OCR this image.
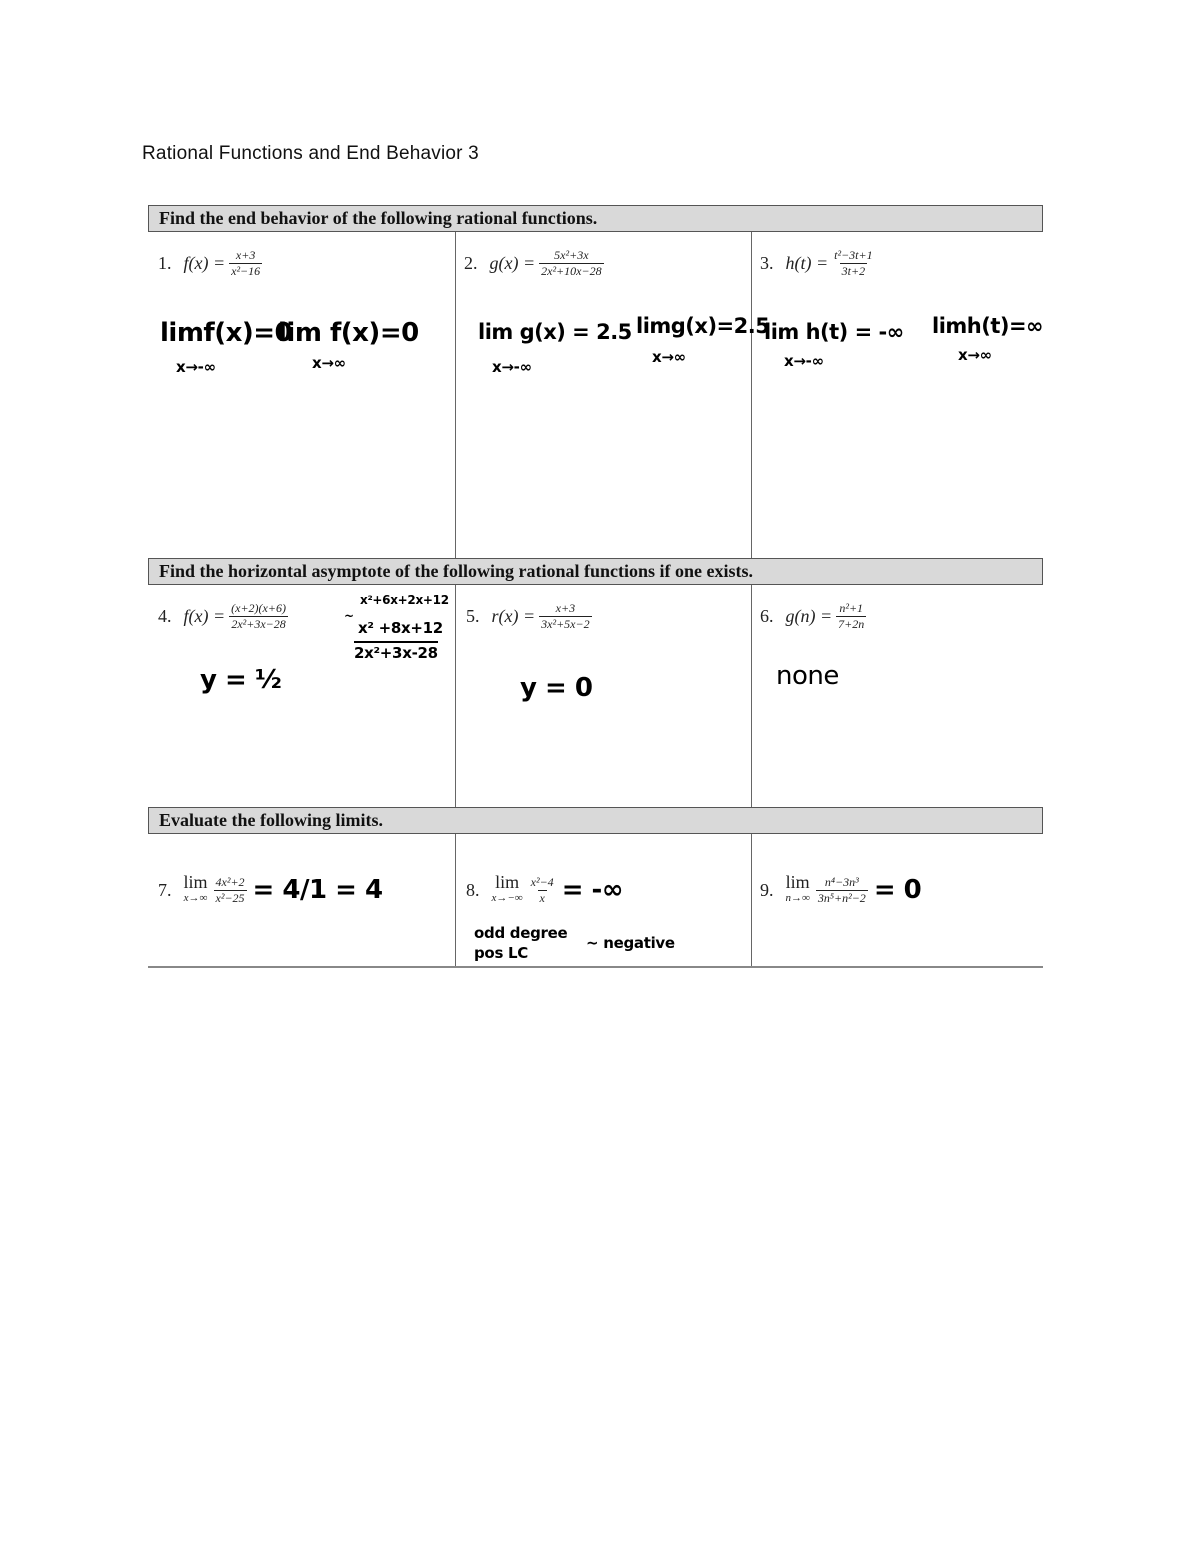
Rational Functions and End Behavior 3
Find the end behavior of the following rational functions.
1. $f(x) = \frac{x+3}{\text{x²−16}}$
limf(x)=0
lim f(x)=0
x→-∞	x→∞
2. $g(x) = \frac{\text{5x²+3x}}{\text{2x²+10x−28}}$
lim g(x) = 2.5 limg(x)=2.5
x→-∞
x→∞
3. $h(t) = \frac{\text{t²−3t+1}}{3t+2}$
lim h(t) = -∞ limh(t)=∞
x→-∞	x→∞
Find the horizontal asymptote of the following rational functions if one exists.
4. $f(x) = \frac{(x+2)(x+6)}{\text{2x²+3x−28}}$
y = ½
x²+6x+2x+12
~
x² +8x+12
2x²+3x-28
5. $r(x) = \frac{x+3}{\text{3x²+5x−2}}$
y = 0
6. $g(n) = \frac{\text{n²+1}}{7+2n}$
none
Evaluate the following limits.
7. lim
$x\to\infty \frac{\text{4x²+2}}{\text{x²−25}} = 4/1 = 4$	8. lim
$x\to-\infty \frac{\text{x²−4}}{x}$ = -∞
odd degree
pos LC
~ negative
9. lim
$n\to\infty \frac{\text{n⁴−3n³}}{\text{3n⁵+n²−2}} = 0$
